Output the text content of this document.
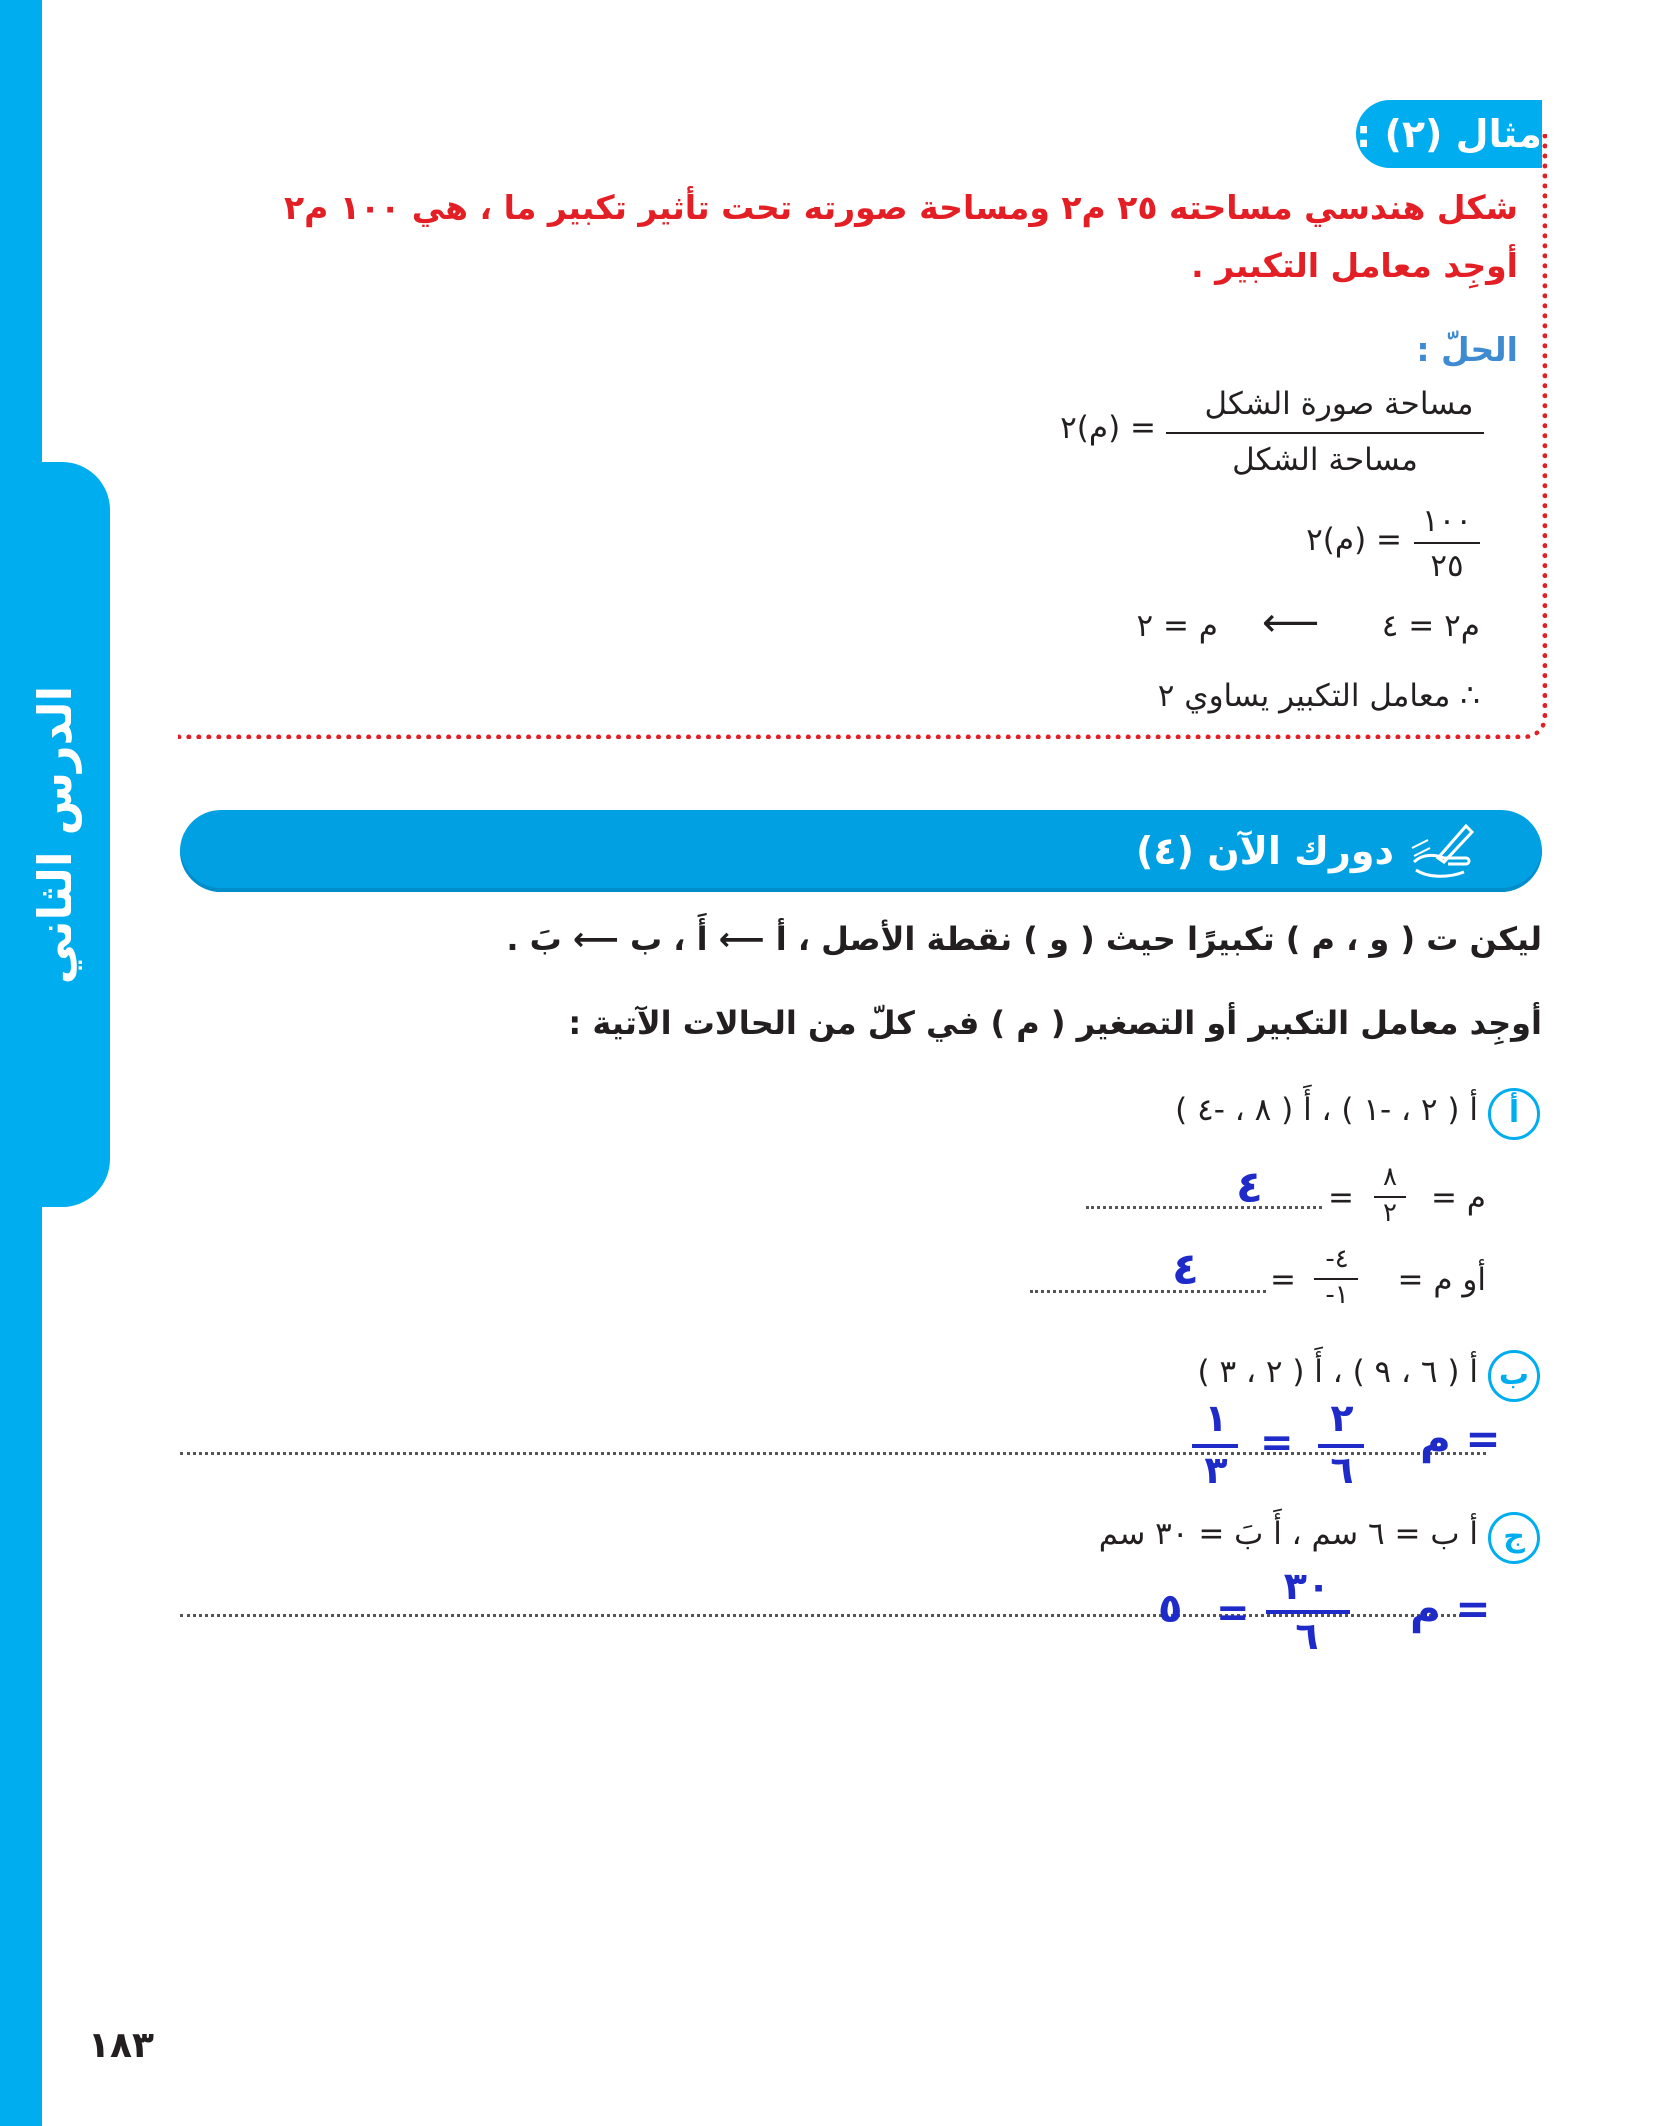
الدرس الثاني
مثال (٢) :
شكل هندسي مساحته ٢٥ م٢ ومساحة صورته تحت تأثير تكبير ما ، هي ١٠٠ م٢
أوجِد معامل التكبير .
الحلّ :
مساحة صورة الشكل
مساحة الشكل
= (م)٢
١٠٠
٢٥
= (م)٢
م٢ = ٤
⟵
م = ٢
∴ معامل التكبير يساوي ٢
دورك الآن (٤)
ليكن ت ( و ، م ) تكبيرًا حيث ( و ) نقطة الأصل ، أ ⟵ أَ ، ب ⟵ بَ .
أوجِد معامل التكبير أو التصغير ( م ) في كلّ من الحالات الآتية :
أ
أ ( ٢ ، -١ ) ، أَ ( ٨ ، -٤ )
م =
٨
٢
=
٤
أو م =
-٤
-١
=
٤
ب
أ ( ٦ ، ٩ ) ، أَ ( ٢ ، ٣ )
م =
٢
٦
=
١
٣
ج
أ ب = ٦ سم ، أَ بَ = ٣٠ سم
م =
٣٠
٦
=
٥
١٨٣
